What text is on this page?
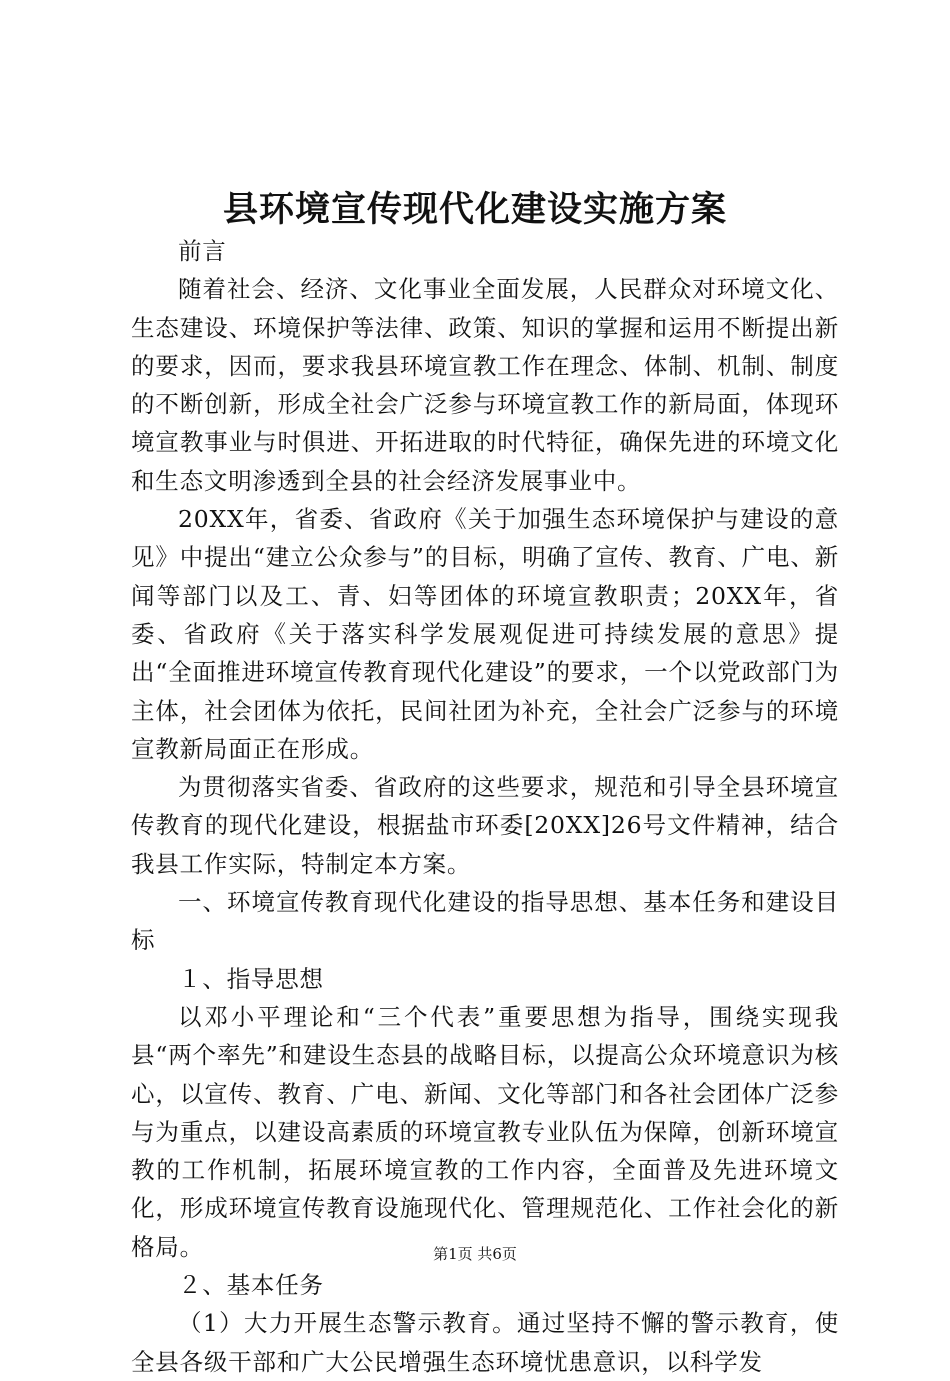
县环境宣传现代化建设实施方案

前言

随着社会、经济、文化事业全面发展，人民群众对环境文化、生态建设、环境保护等法律、政策、知识的掌握和运用不断提出新的要求，因而，要求我县环境宣教工作在理念、体制、机制、制度的不断创新，形成全社会广泛参与环境宣教工作的新局面，体现环境宣教事业与时俱进、开拓进取的时代特征，确保先进的环境文化和生态文明渗透到全县的社会经济发展事业中。

20XX年，省委、省政府《关于加强生态环境保护与建设的意见》中提出“建立公众参与”的目标，明确了宣传、教育、广电、新闻等部门以及工、青、妇等团体的环境宣教职责；20XX年，省委、省政府《关于落实科学发展观促进可持续发展的意思》提出“全面推进环境宣传教育现代化建设”的要求，一个以党政部门为主体，社会团体为依托，民间社团为补充，全社会广泛参与的环境宣教新局面正在形成。

为贯彻落实省委、省政府的这些要求，规范和引导全县环境宣传教育的现代化建设，根据盐市环委[20XX]26号文件精神，结合我县工作实际，特制定本方案。

一、环境宣传教育现代化建设的指导思想、基本任务和建设目标

１、指导思想

以邓小平理论和“三个代表”重要思想为指导，围绕实现我县“两个率先”和建设生态县的战略目标，以提高公众环境意识为核心，以宣传、教育、广电、新闻、文化等部门和各社会团体广泛参与为重点，以建设高素质的环境宣教专业队伍为保障，创新环境宣教的工作机制，拓展环境宣教的工作内容，全面普及先进环境文化，形成环境宣传教育设施现代化、管理规范化、工作社会化的新格局。

２、基本任务

（1）大力开展生态警示教育。通过坚持不懈的警示教育，使全县各级干部和广大公民增强生态环境忧患意识，以科学发

第1页 共6页
